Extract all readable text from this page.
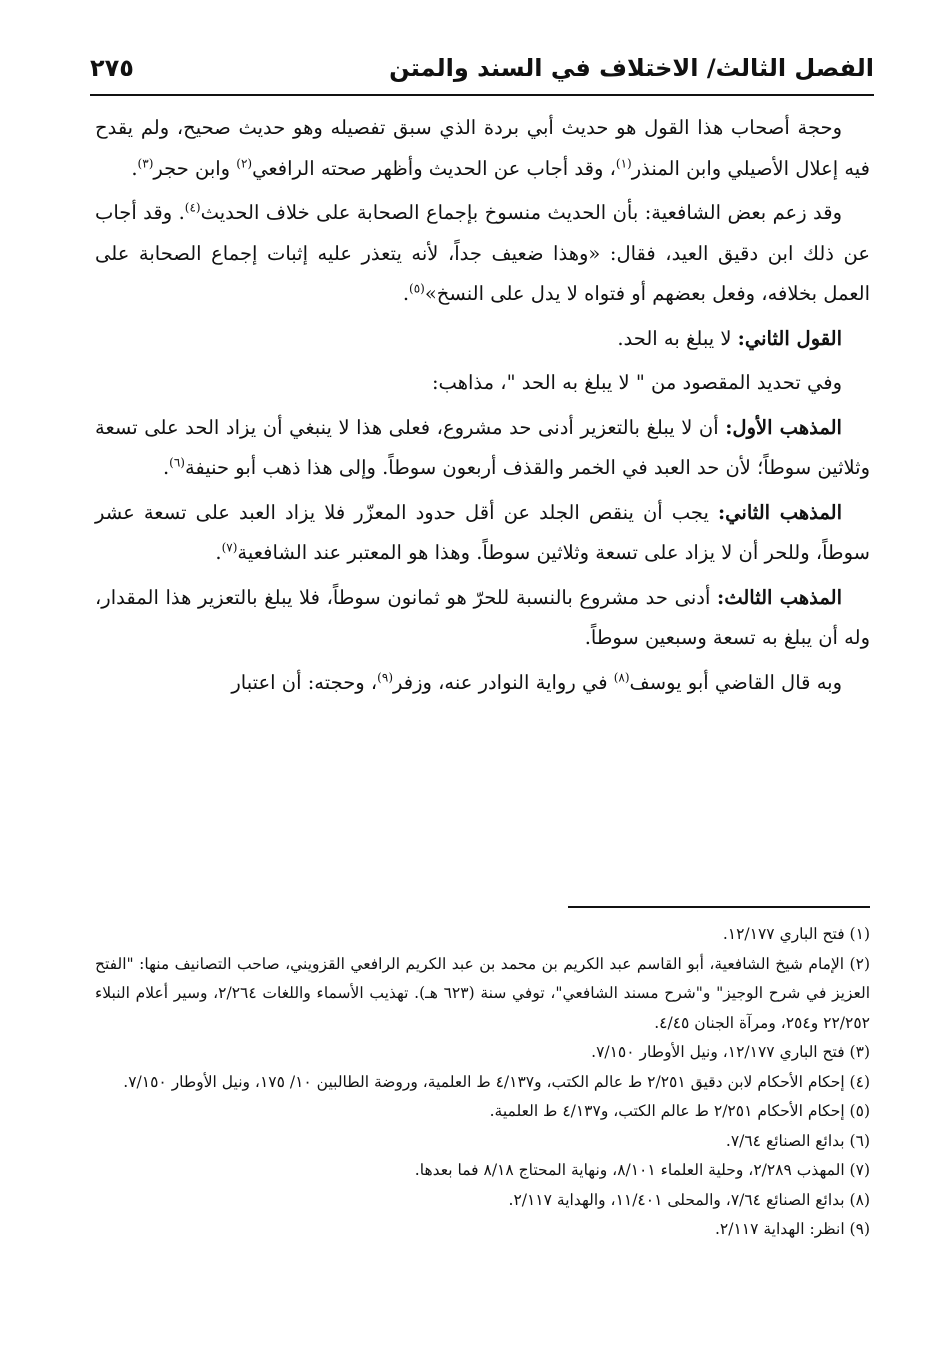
الفصل الثالث/ الاختلاف في السند والمتن
٢٧٥

وحجة أصحاب هذا القول هو حديث أبي بردة الذي سبق تفصيله وهو حديث صحيح، ولم يقدح فيه إعلال الأصيلي وابن المنذر$^{(١)}$، وقد أجاب عن الحديث وأظهر صحته الرافعي$^{(٢)}$ وابن حجر$^{(٣)}$.

وقد زعم بعض الشافعية: بأن الحديث منسوخ بإجماع الصحابة على خلاف الحديث$^{(٤)}$. وقد أجاب عن ذلك ابن دقيق العيد، فقال: «وهذا ضعيف جداً، لأنه يتعذر عليه إثبات إجماع الصحابة على العمل بخلافه، وفعل بعضهم أو فتواه لا يدل على النسخ»$^{(٥)}$.

القول الثاني: لا يبلغ به الحد.

وفي تحديد المقصود من " لا يبلغ به الحد "، مذاهب:

المذهب الأول: أن لا يبلغ بالتعزير أدنى حد مشروع، فعلى هذا لا ينبغي أن يزاد الحد على تسعة وثلاثين سوطاً؛ لأن حد العبد في الخمر والقذف أربعون سوطاً. وإلى هذا ذهب أبو حنيفة$^{(٦)}$.

المذهب الثاني: يجب أن ينقص الجلد عن أقل حدود المعزّر فلا يزاد العبد على تسعة عشر سوطاً، وللحر أن لا يزاد على تسعة وثلاثين سوطاً. وهذا هو المعتبر عند الشافعية$^{(٧)}$.

المذهب الثالث: أدنى حد مشروع بالنسبة للحرّ هو ثمانون سوطاً، فلا يبلغ بالتعزير هذا المقدار، وله أن يبلغ به تسعة وسبعين سوطاً.

وبه قال القاضي أبو يوسف$^{(٨)}$ في رواية النوادر عنه، وزفر$^{(٩)}$، وحجته: أن اعتبار

(١) فتح الباري ١٢/١٧٧.

(٢) الإمام شيخ الشافعية، أبو القاسم عبد الكريم بن محمد بن عبد الكريم الرافعي القزويني، صاحب التصانيف منها: "الفتح العزيز في شرح الوجيز" و"شرح مسند الشافعي"، توفي سنة (٦٢٣ هـ). تهذيب الأسماء واللغات ٢/٢٦٤، وسير أعلام النبلاء ٢٢/٢٥٢ و٢٥٤، ومرآة الجنان ٤/٤٥.

(٣) فتح الباري ١٢/١٧٧، ونيل الأوطار ٧/١٥٠.

(٤) إحكام الأحكام لابن دقيق ٢/٢٥١ ط عالم الكتب، و٤/١٣٧ ط العلمية، وروضة الطالبين ١٠/ ١٧٥، ونيل الأوطار ٧/١٥٠.

(٥) إحكام الأحكام ٢/٢٥١ ط عالم الكتب، و٤/١٣٧ ط العلمية.

(٦) بدائع الصنائع ٧/٦٤.

(٧) المهذب ٢/٢٨٩، وحلية العلماء ٨/١٠١، ونهاية المحتاج ٨/١٨ فما بعدها.

(٨) بدائع الصنائع ٧/٦٤، والمحلى ١١/٤٠١، والهداية ٢/١١٧.

(٩) انظر: الهداية ٢/١١٧.
